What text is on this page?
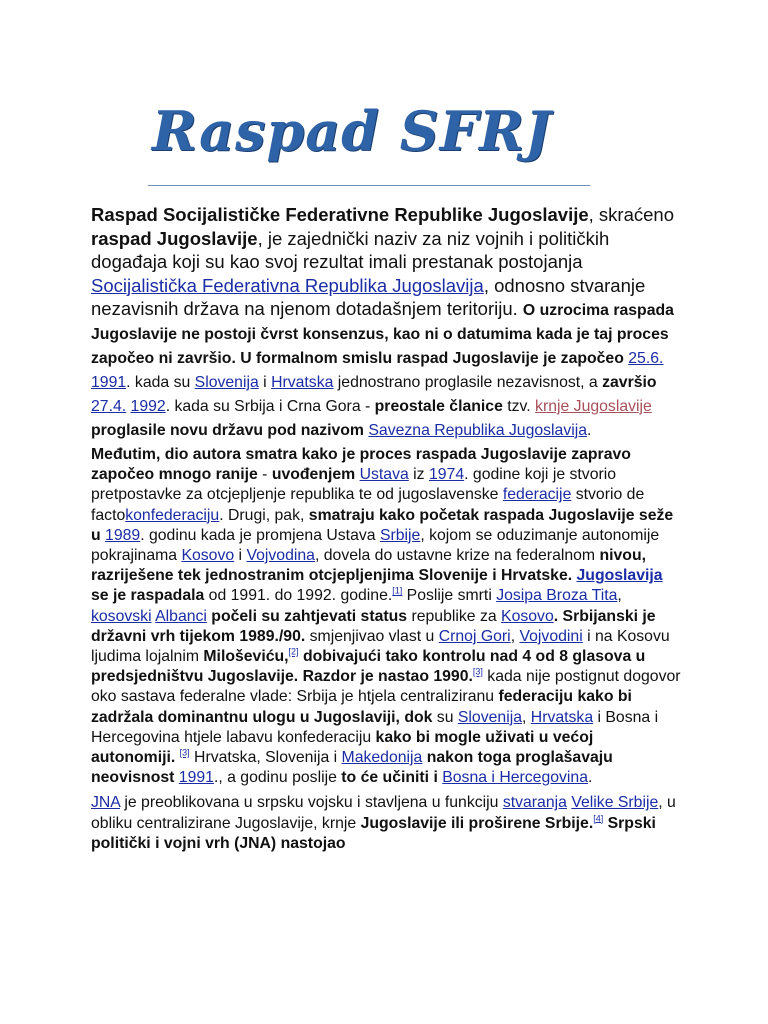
Raspad SFRJ

Raspad Socijalističke Federativne Republike Jugoslavije, skraćeno raspad Jugoslavije, je zajednički naziv za niz vojnih i političkih događaja koji su kao svoj rezultat imali prestanak postojanja Socijalistička Federativna Republika Jugoslavija, odnosno stvaranje nezavisnih država na njenom dotadašnjem teritoriju. O uzrocima raspada Jugoslavije ne postoji čvrst konsenzus, kao ni o datumima kada je taj proces započeo ni završio. U formalnom smislu raspad Jugoslavije je započeo 25.6. 1991. kada su Slovenija i Hrvatska jednostrano proglasile nezavisnost, a završio 27.4. 1992. kada su Srbija i Crna Gora - preostale članice tzv. krnje Jugoslavije proglasile novu državu pod nazivom Savezna Republika Jugoslavija.

Međutim, dio autora smatra kako je proces raspada Jugoslavije zapravo započeo mnogo ranije - uvođenjem Ustava iz 1974. godine koji je stvorio pretpostavke za otcjepljenje republika te od jugoslavenske federacije stvorio de factokonfederaciju. Drugi, pak, smatraju kako početak raspada Jugoslavije seže u 1989. godinu kada je promjena Ustava Srbije, kojom se oduzimanje autonomije pokrajinama Kosovo i Vojvodina, dovela do ustavne krize na federalnom nivou, razriješene tek jednostranim otcjepljenjima Slovenije i Hrvatske. Jugoslavija se je raspadala od 1991. do 1992. godine.[1] Poslije smrti Josipa Broza Tita, kosovski Albanci počeli su zahtjevati status republike za Kosovo. Srbijanski je državni vrh tijekom 1989./90. smjenjivao vlast u Crnoj Gori, Vojvodini i na Kosovu ljudima lojalnim Miloševiću,[2] dobivajući tako kontrolu nad 4 od 8 glasova u predsjedništvu Jugoslavije. Razdor je nastao 1990.[3] kada nije postignut dogovor oko sastava federalne vlade: Srbija je htjela centraliziranu federaciju kako bi zadržala dominantnu ulogu u Jugoslaviji, dok su Slovenija, Hrvatska i Bosna i Hercegovina htjele labavu konfederaciju kako bi mogle uživati u većoj autonomiji. [3] Hrvatska, Slovenija i Makedonija nakon toga proglašavaju neovisnost 1991., a godinu poslije to će učiniti i Bosna i Hercegovina.

JNA je preoblikovana u srpsku vojsku i stavljena u funkciju stvaranja Velike Srbije, u obliku centralizirane Jugoslavije, krnje Jugoslavije ili proširene Srbije.[4] Srpski politički i vojni vrh (JNA) nastojao
